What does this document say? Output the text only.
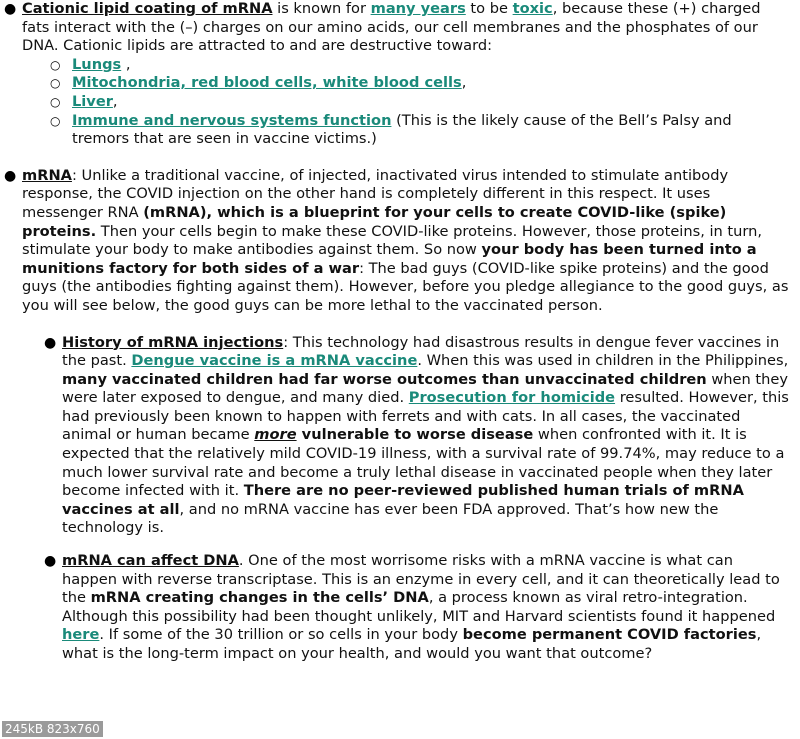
● Cationic lipid coating of mRNA is known for many years to be toxic, because these (+) charged fats interact with the (–) charges on our amino acids, our cell membranes and the phosphates of our DNA. Cationic lipids are attracted to and are destructive toward:
○ Lungs ,
○ Mitochondria, red blood cells, white blood cells,
○ Liver,
○ Immune and nervous systems function (This is the likely cause of the Bell’s Palsy and tremors that are seen in vaccine victims.)
● mRNA: Unlike a traditional vaccine, of injected, inactivated virus intended to stimulate antibody response, the COVID injection on the other hand is completely different in this respect. It uses messenger RNA (mRNA), which is a blueprint for your cells to create COVID-like (spike) proteins. Then your cells begin to make these COVID-like proteins. However, those proteins, in turn, stimulate your body to make antibodies against them. So now your body has been turned into a munitions factory for both sides of a war: The bad guys (COVID-like spike proteins) and the good guys (the antibodies fighting against them). However, before you pledge allegiance to the good guys, as you will see below, the good guys can be more lethal to the vaccinated person.
● History of mRNA injections: This technology had disastrous results in dengue fever vaccines in the past. Dengue vaccine is a mRNA vaccine. When this was used in children in the Philippines, many vaccinated children had far worse outcomes than unvaccinated children when they were later exposed to dengue, and many died. Prosecution for homicide resulted. However, this had previously been known to happen with ferrets and with cats. In all cases, the vaccinated animal or human became more vulnerable to worse disease when confronted with it. It is expected that the relatively mild COVID-19 illness, with a survival rate of 99.74%, may reduce to a much lower survival rate and become a truly lethal disease in vaccinated people when they later become infected with it. There are no peer-reviewed published human trials of mRNA vaccines at all, and no mRNA vaccine has ever been FDA approved. That’s how new the technology is.
● mRNA can affect DNA. One of the most worrisome risks with a mRNA vaccine is what can happen with reverse transcriptase. This is an enzyme in every cell, and it can theoretically lead to the mRNA creating changes in the cells’ DNA, a process known as viral retro-integration. Although this possibility had been thought unlikely, MIT and Harvard scientists found it happened here. If some of the 30 trillion or so cells in your body become permanent COVID factories, what is the long-term impact on your health, and would you want that outcome?
245kB 823x760
